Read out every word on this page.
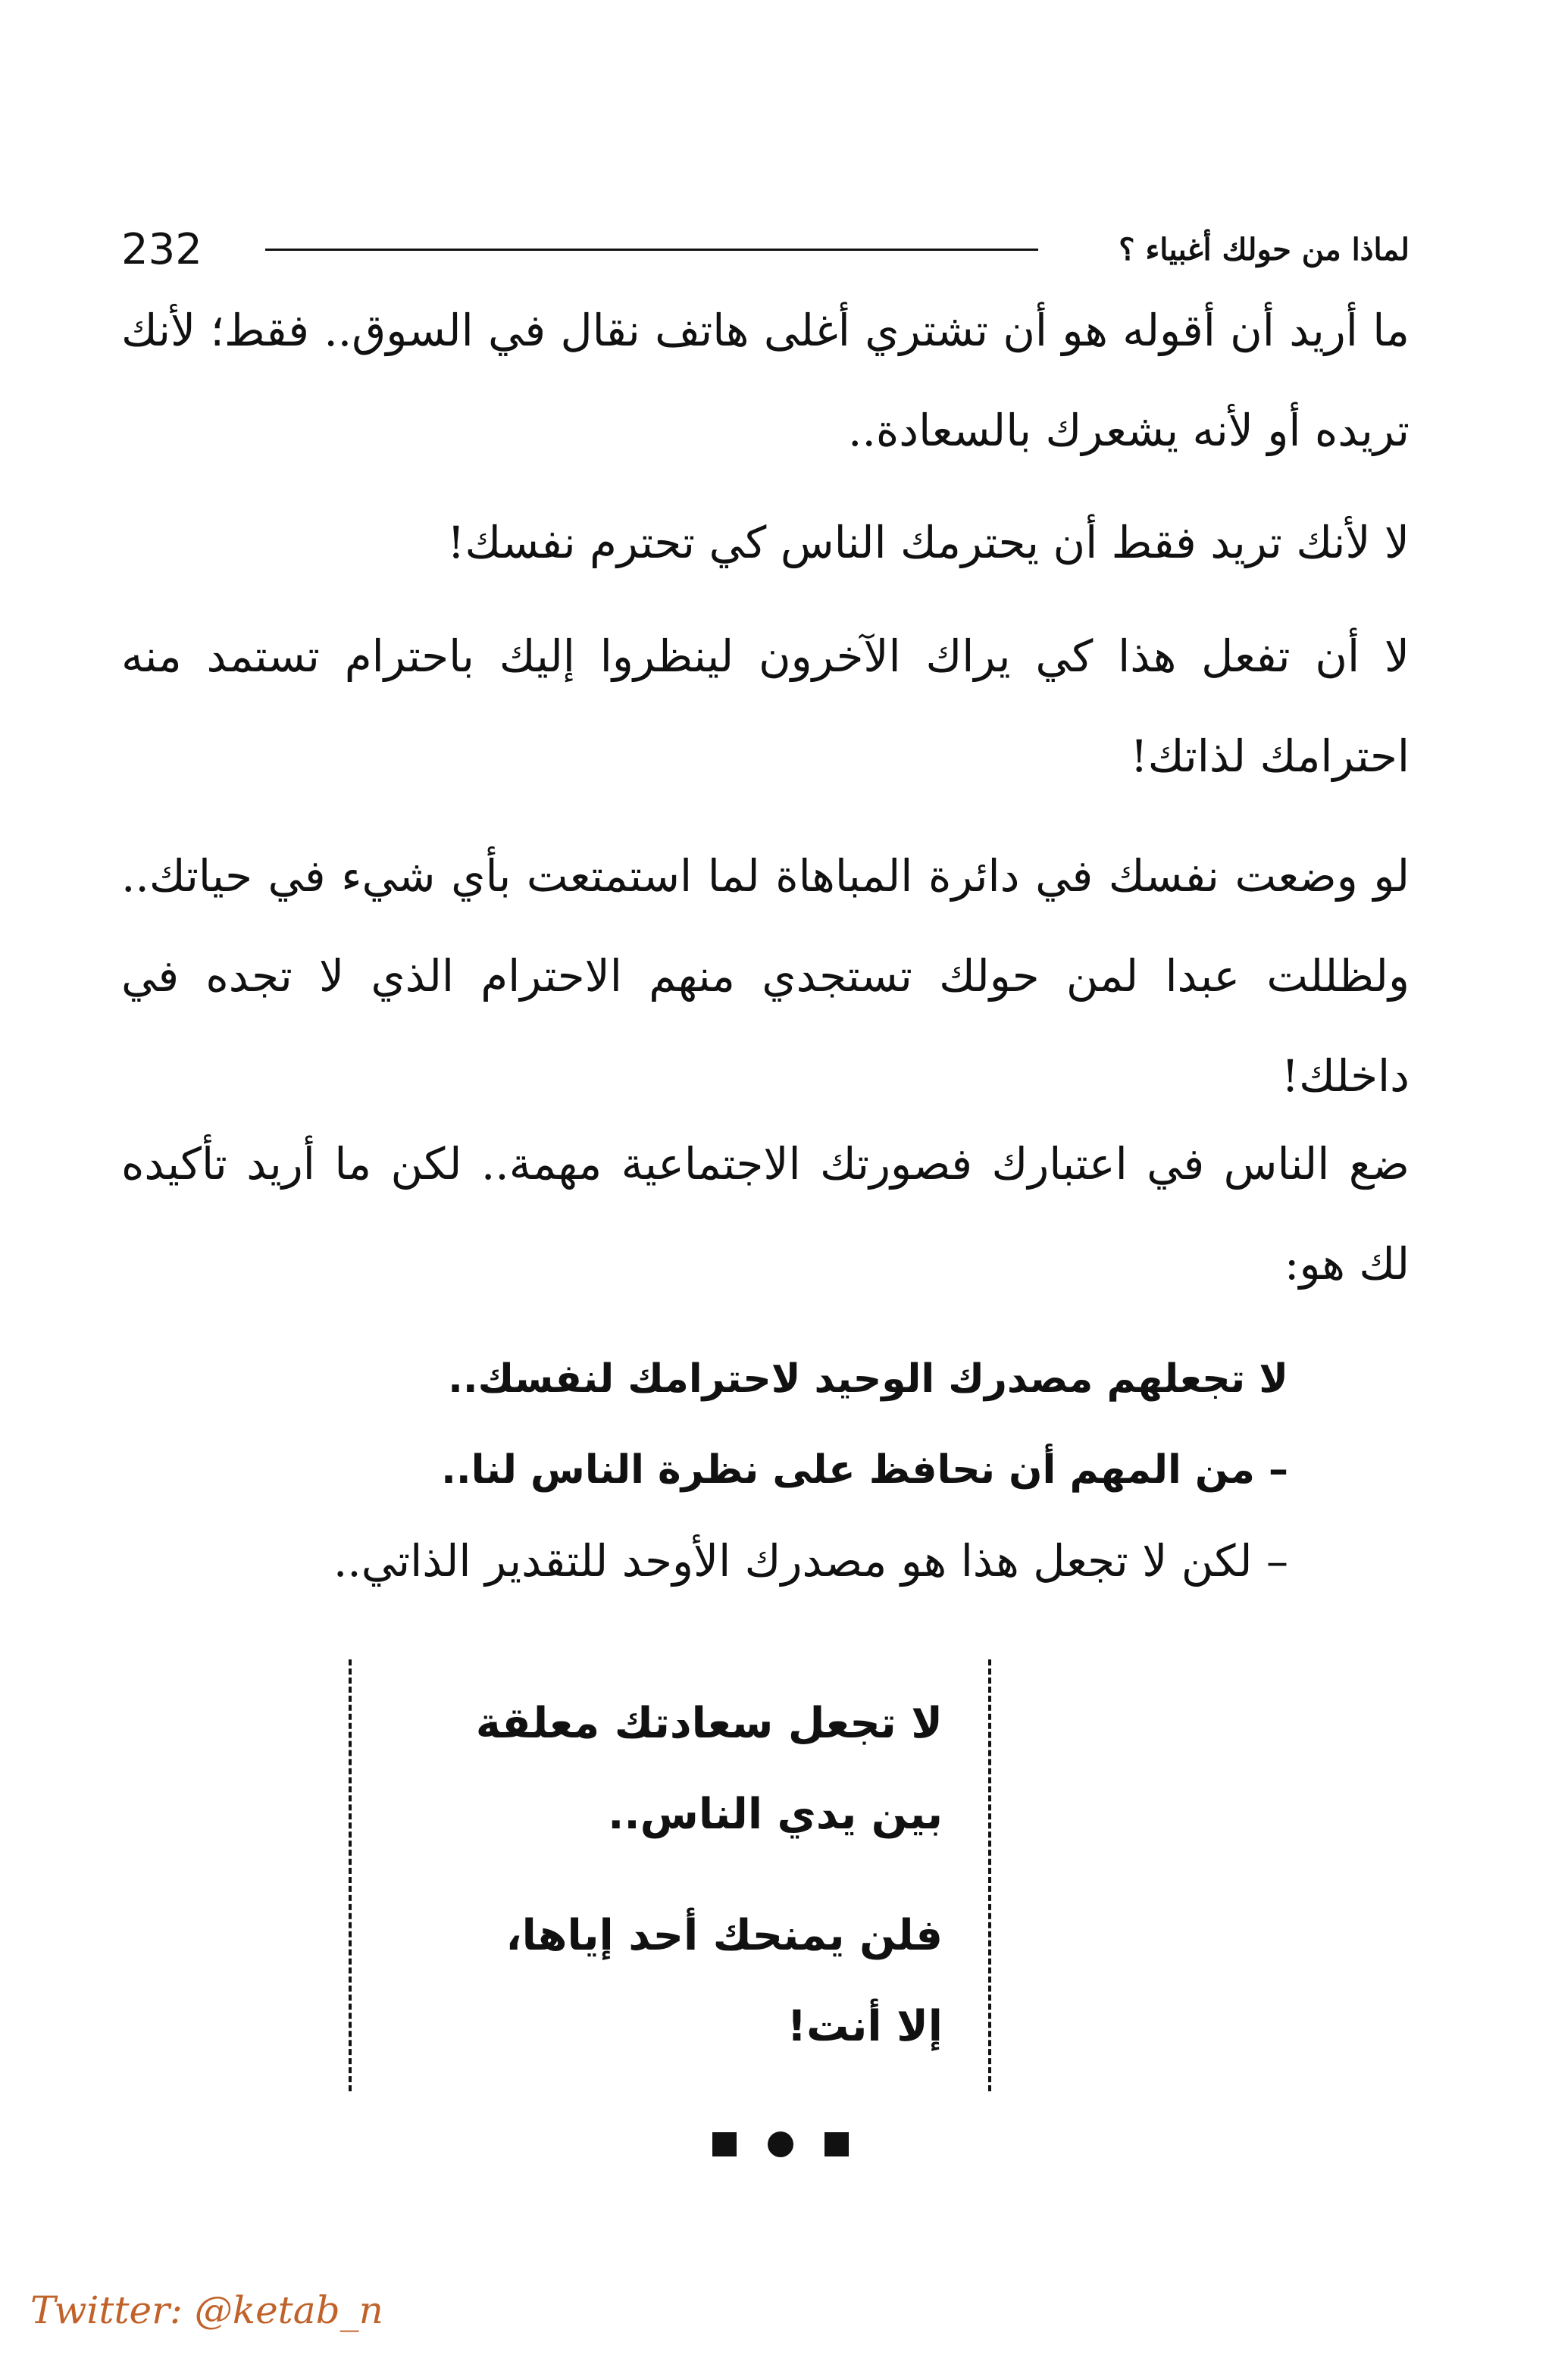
232	لماذا من حولك أغبياء ؟

ما أريد أن أقوله هو أن تشتري أغلى هاتف نقال في السوق.. فقط؛ لأنك تريده أو لأنه يشعرك بالسعادة..

لا لأنك تريد فقط أن يحترمك الناس كي تحترم نفسك!

لا أن تفعل هذا كي يراك الآخرون لينظروا إليك باحترام تستمد منه احترامك لذاتك!

لو وضعت نفسك في دائرة المباهاة لما استمتعت بأي شيء في حياتك.. ولظللت عبدا لمن حولك تستجدي منهم الاحترام الذي لا تجده في داخلك!

ضع الناس في اعتبارك فصورتك الاجتماعية مهمة.. لكن ما أريد تأكيده لك هو:

لا تجعلهم مصدرك الوحيد لاحترامك لنفسك..
– من المهم أن نحافظ على نظرة الناس لنا..
– لكن لا تجعل هذا هو مصدرك الأوحد للتقدير الذاتي..
لا تجعل سعادتك معلقة
بين يدي الناس..
فلن يمنحك أحد إياها،
إلا أنت!
Twitter: @ketab_n
